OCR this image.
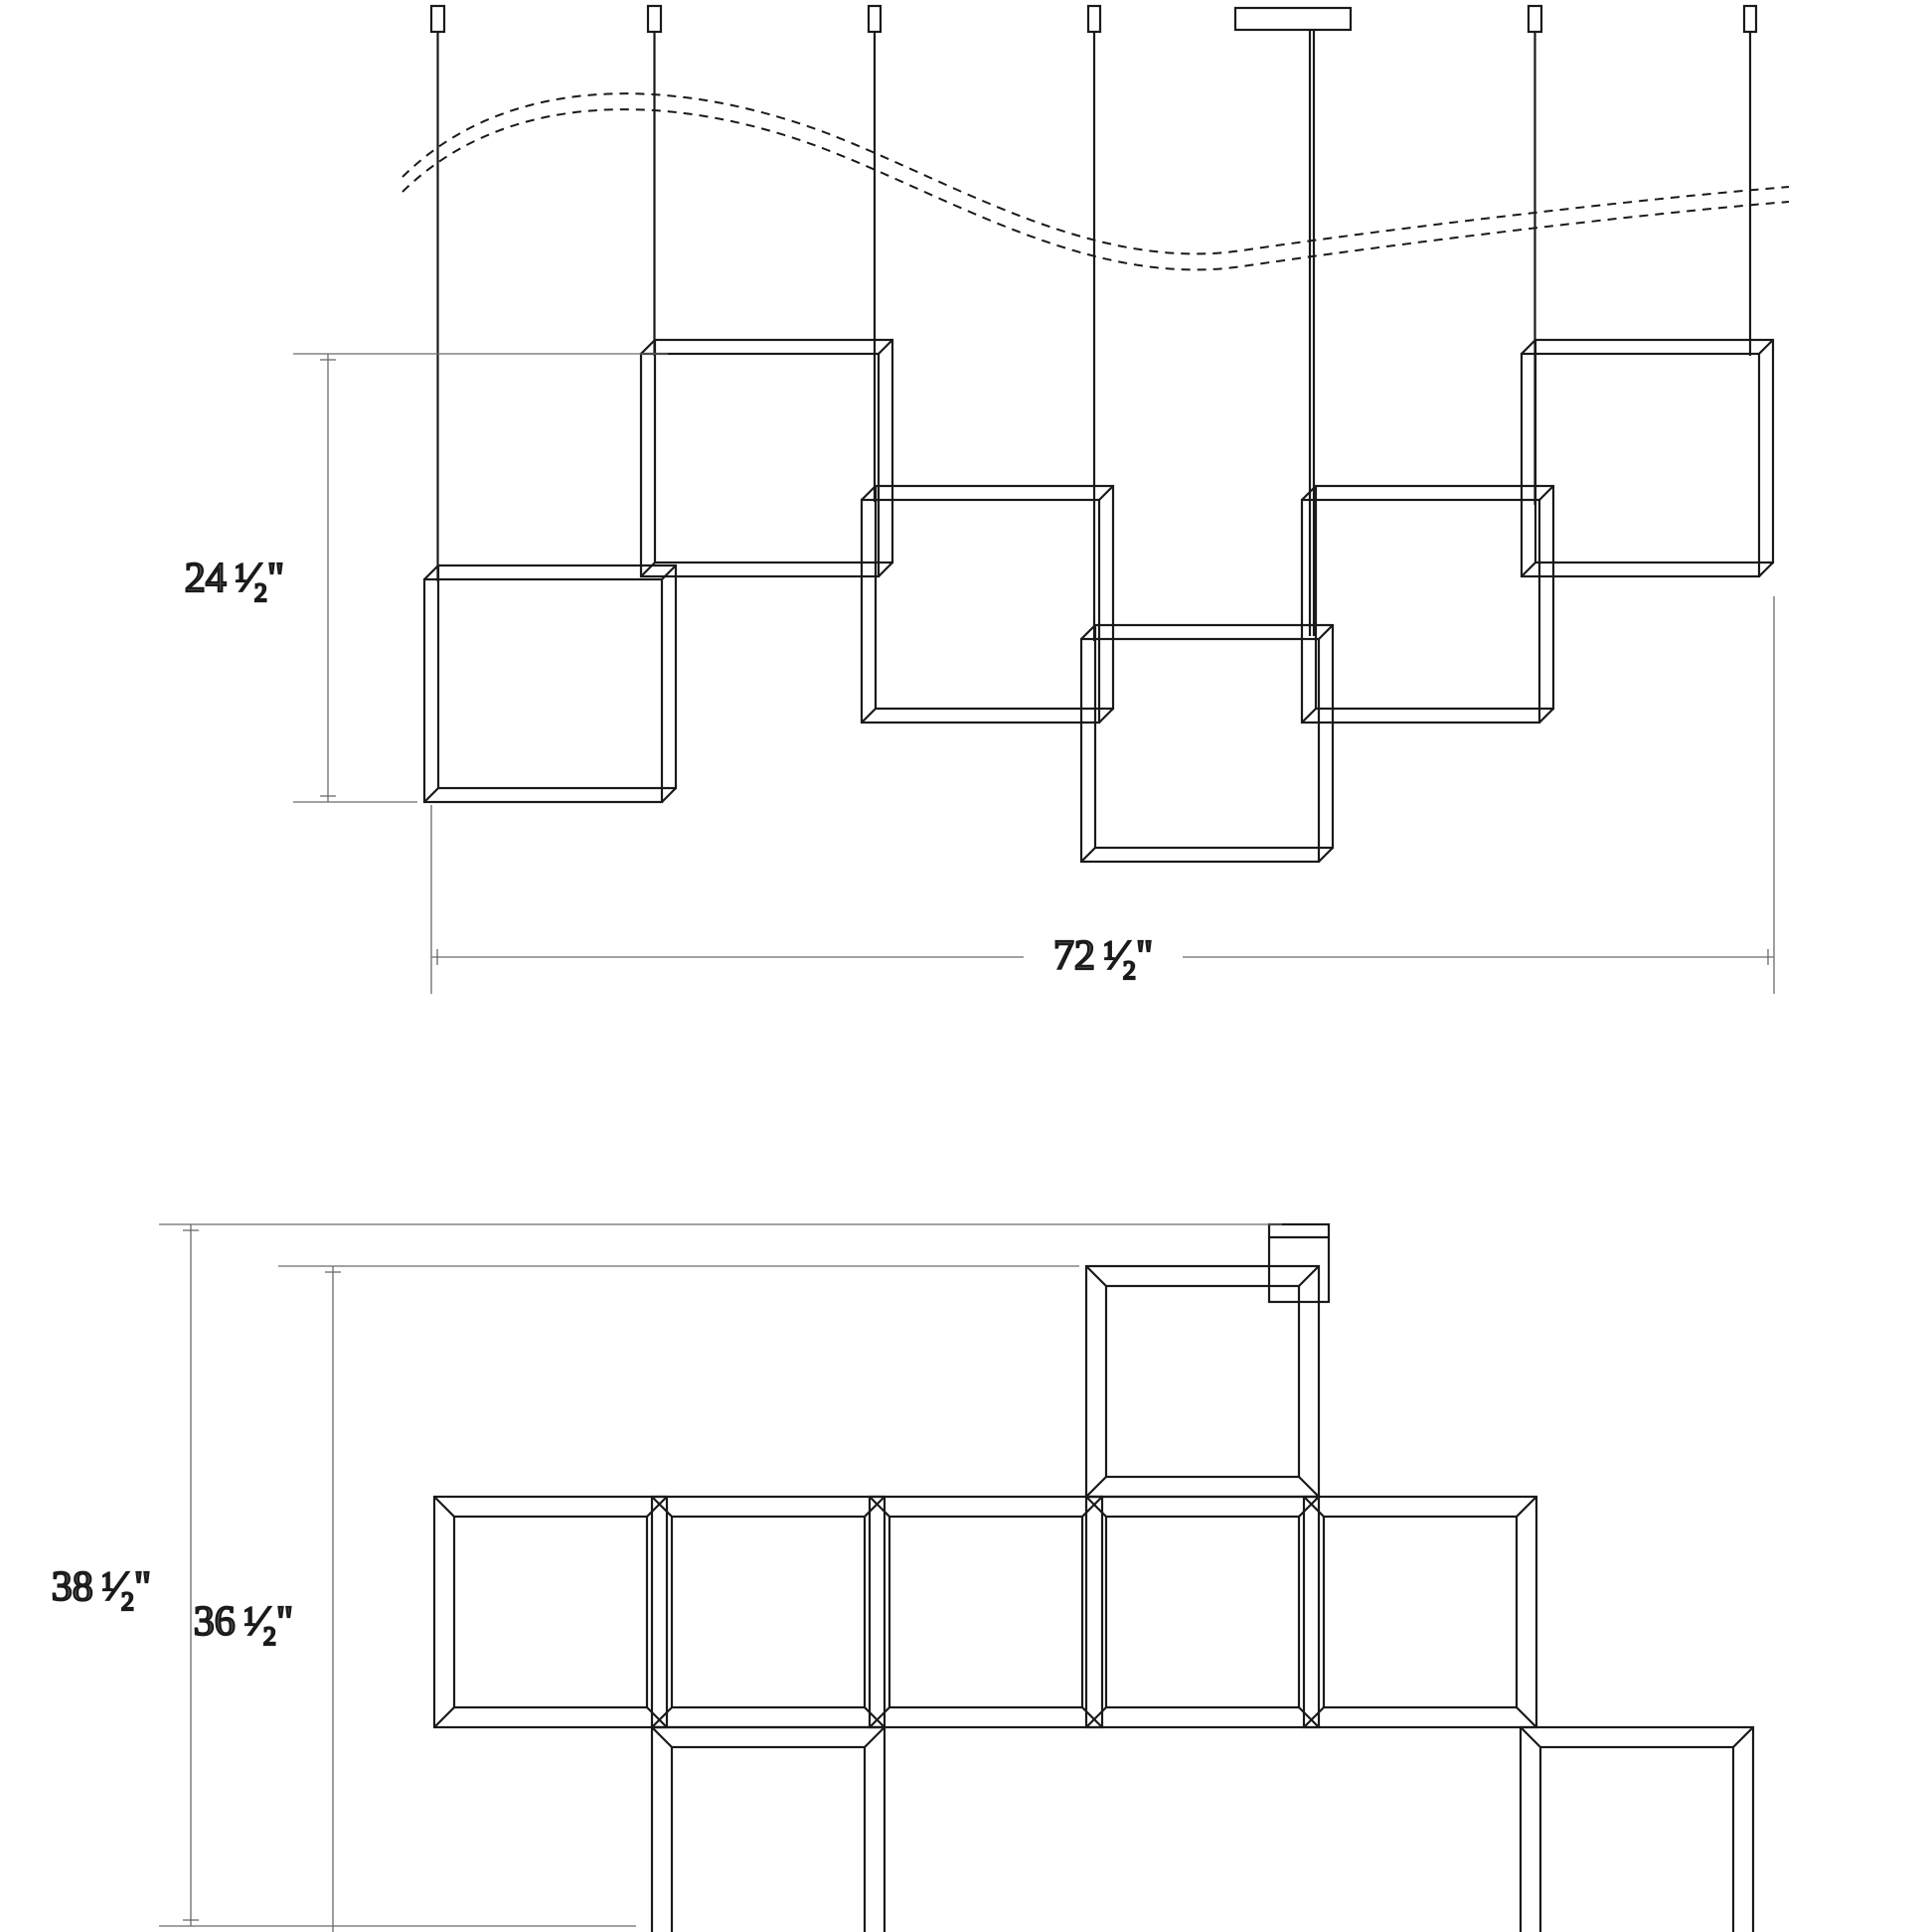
24 $^1⁄_2$"
72 $^1⁄_2$"
38 $^1⁄_2$"
36 $^1⁄_2$"
